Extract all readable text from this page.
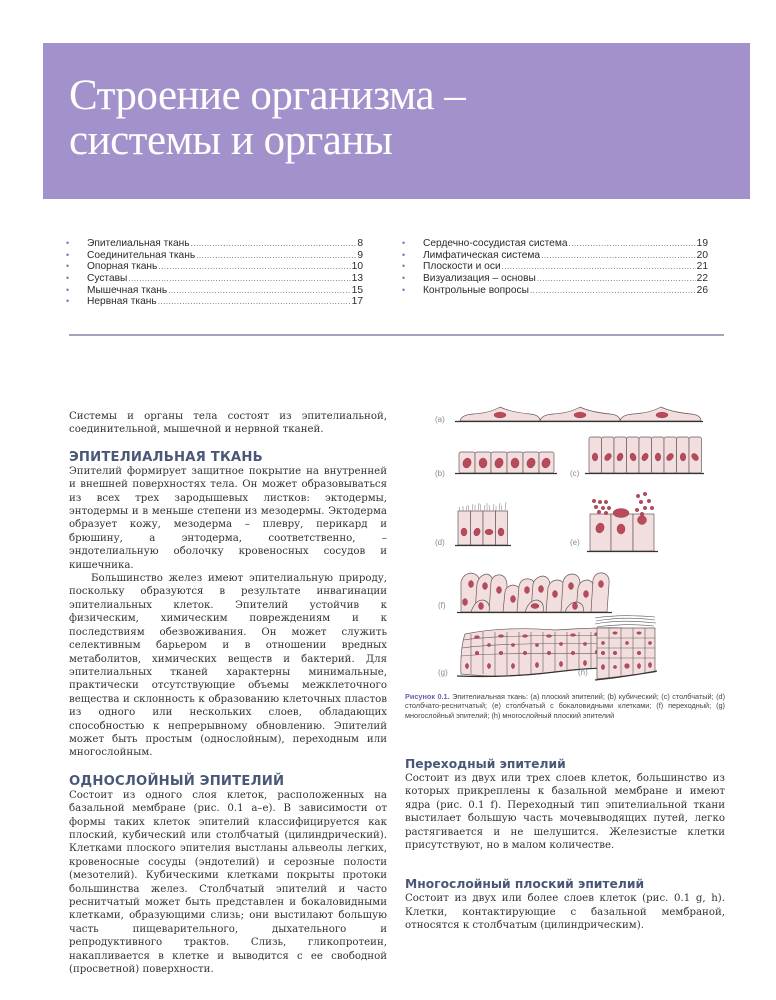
Строение организма –
системы и органы
•	Эпителиальная ткань .....	8
•	Соединительная ткань .....	9
•	Опорная ткань .....	10
•	Суставы .....	13
•	Мышечная ткань .....	15
•	Нервная ткань .....	17
•	Сердечно-сосудистая система .....	19
•	Лимфатическая система .....	20
•	Плоскости и оси .....	21
•	Визуализация – основы .....	22
•	Контрольные вопросы .....	26

Системы и органы тела состоят из эпителиальной, соединительной, мышечной и нервной тканей.

ЭПИТЕЛИАЛЬНАЯ ТКАНЬ

Эпителий формирует защитное покрытие на внутренней и внешней поверхностях тела. Он может образовываться из всех трех зародышевых листков: эктодермы, энтодермы и в меньше степени из мезодермы. Эктодерма образует кожу, мезодерма – плевру, перикард и брюшину, а энтодерма, соответственно, – эндотелиальную оболочку кровеносных сосудов и кишечника.

Большинство желез имеют эпителиальную природу, поскольку образуются в результате инвагинации эпителиальных клеток. Эпителий устойчив к физическим, химическим повреждениям и к последствиям обезвоживания. Он может служить селективным барьером и в отношении вредных метаболитов, химических веществ и бактерий. Для эпителиальных тканей характерны минимальные, практически отсутствующие объемы межклеточного вещества и склонность к образованию клеточных пластов из одного или нескольких слоев, обладающих способностью к непрерывному обновлению. Эпителий может быть простым (однослойным), переходным или многослойным.

ОДНОСЛОЙНЫЙ ЭПИТЕЛИЙ

Состоит из одного слоя клеток, расположенных на базальной мембране (рис. 0.1 a–e). В зависимости от формы таких клеток эпителий классифицируется как плоский, кубический или столбчатый (цилиндрический). Клетками плоского эпителия выстланы альвеолы легких, кровеносные сосуды (эндотелий) и серозные полости (мезотелий). Кубическими клетками покрыты протоки большинства желез. Столбчатый эпителий и часто реснитчатый может быть представлен и бокаловидными клетками, образующими слизь; они выстилают большую часть пищеварительного, дыхательного и репродуктивного трактов. Слизь, гликопротеин, накапливается в клетке и выводится с ее свободной (просветной) поверхности.

(a)
(b)	(c)
(d)	(e)
(f)
(g)	(h)
Рисунок 0.1. Эпителиальная ткань: (a) плоский эпителий; (b) кубический; (c) столбчатый; (d) столбчато-реснитчатый; (e) столбчатый с бокаловидными клетками; (f) переходный; (g) многослойный эпителий; (h) многослойный плоский эпителий
Переходный эпителий

Состоит из двух или трех слоев клеток, большинство из которых прикреплены к базальной мембране и имеют ядра (рис. 0.1 f). Переходный тип эпителиальной ткани выстилает большую часть мочевыводящих путей, легко растягивается и не шелушится. Железистые клетки присутствуют, но в малом количестве.

Многослойный плоский эпителий

Состоит из двух или более слоев клеток (рис. 0.1 g, h). Клетки, контактирующие с базальной мембраной, относятся к столбчатым (цилиндрическим).
